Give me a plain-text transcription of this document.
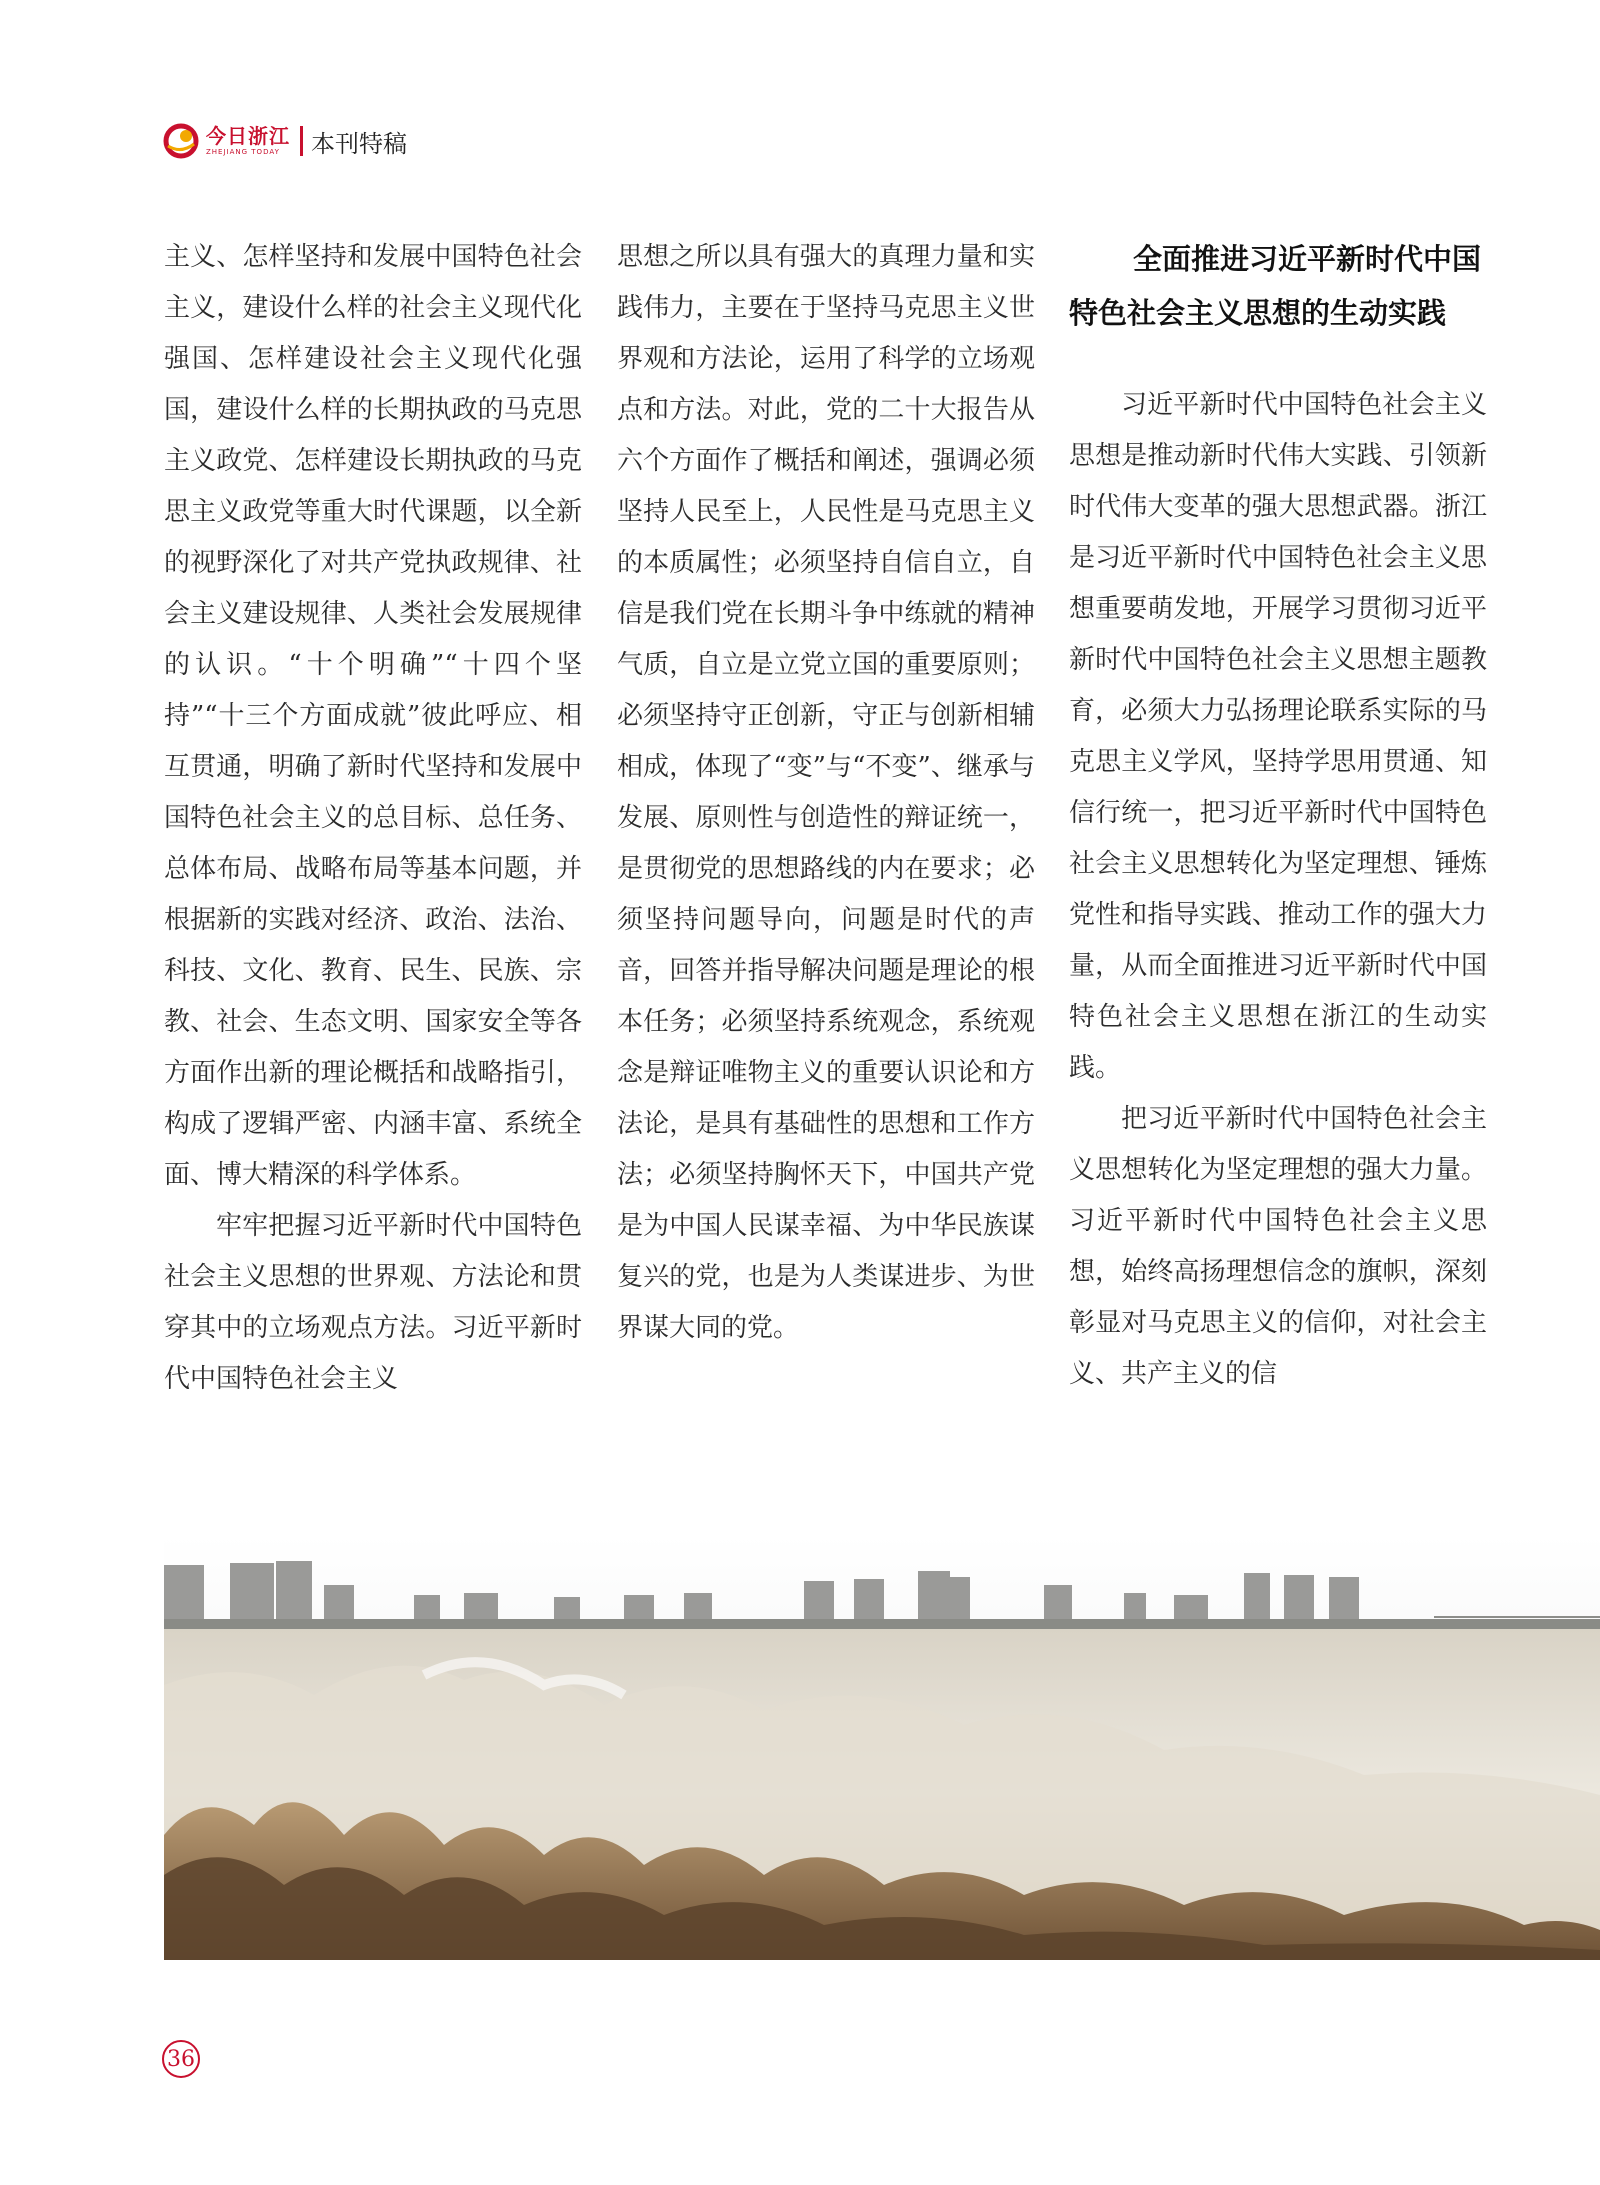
今日浙江
ZHEJIANG TODAY	本刊特稿

主义、怎样坚持和发展中国特色社会主义，建设什么样的社会主义现代化强国、怎样建设社会主义现代化强国，建设什么样的长期执政的马克思主义政党、怎样建设长期执政的马克思主义政党等重大时代课题，以全新的视野深化了对共产党执政规律、社会主义建设规律、人类社会发展规律的认识。“十个明确”“十四个坚持”“十三个方面成就”彼此呼应、相互贯通，明确了新时代坚持和发展中国特色社会主义的总目标、总任务、总体布局、战略布局等基本问题，并根据新的实践对经济、政治、法治、科技、文化、教育、民生、民族、宗教、社会、生态文明、国家安全等各方面作出新的理论概括和战略指引，构成了逻辑严密、内涵丰富、系统全面、博大精深的科学体系。

牢牢把握习近平新时代中国特色社会主义思想的世界观、方法论和贯穿其中的立场观点方法。习近平新时代中国特色社会主义

思想之所以具有强大的真理力量和实践伟力，主要在于坚持马克思主义世界观和方法论，运用了科学的立场观点和方法。对此，党的二十大报告从六个方面作了概括和阐述，强调必须坚持人民至上，人民性是马克思主义的本质属性；必须坚持自信自立，自信是我们党在长期斗争中练就的精神气质，自立是立党立国的重要原则；必须坚持守正创新，守正与创新相辅相成，体现了“变”与“不变”、继承与发展、原则性与创造性的辩证统一，是贯彻党的思想路线的内在要求；必须坚持问题导向，问题是时代的声音，回答并指导解决问题是理论的根本任务；必须坚持系统观念，系统观念是辩证唯物主义的重要认识论和方法论，是具有基础性的思想和工作方法；必须坚持胸怀天下，中国共产党是为中国人民谋幸福、为中华民族谋复兴的党，也是为人类谋进步、为世界谋大同的党。

全面推进习近平新时代中国
特色社会主义思想的生动实践

习近平新时代中国特色社会主义思想是推动新时代伟大实践、引领新时代伟大变革的强大思想武器。浙江是习近平新时代中国特色社会主义思想重要萌发地，开展学习贯彻习近平新时代中国特色社会主义思想主题教育，必须大力弘扬理论联系实际的马克思主义学风，坚持学思用贯通、知信行统一，把习近平新时代中国特色社会主义思想转化为坚定理想、锤炼党性和指导实践、推动工作的强大力量，从而全面推进习近平新时代中国特色社会主义思想在浙江的生动实践。

把习近平新时代中国特色社会主义思想转化为坚定理想的强大力量。习近平新时代中国特色社会主义思想，始终高扬理想信念的旗帜，深刻彰显对马克思主义的信仰，对社会主义、共产主义的信

36
